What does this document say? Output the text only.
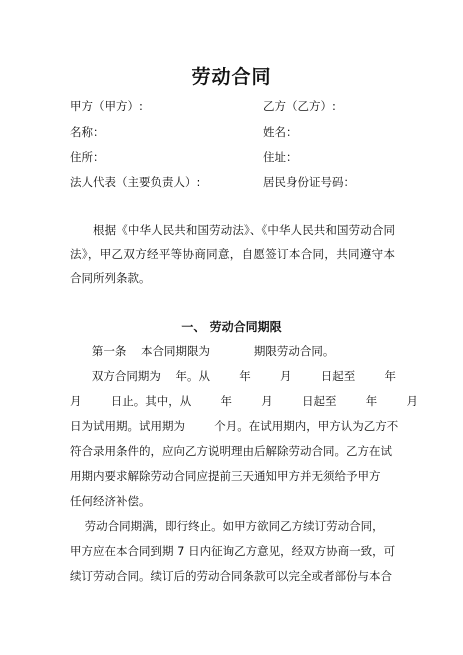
劳动合同
甲方（甲方）:
名称：
住所：
法人代表（主要负责人）:
乙方（乙方）:
姓名：
住址：
居民身份证号码：
根据《中华人民共和国劳动法》、《中华人民共和国劳动合同法》，甲乙双方经平等协商同意，自愿签订本合同，共同遵守本合同所列条款。
一、 劳动合同期限
第一条    本合同期限为            期限劳动合同。
双方合同期为    年。从        年        月        日起至        年
月        日止。其中，从        年        月        日起至        年        月
日为试用期。试用期为        个月。在试用期内，甲方认为乙方不
符合录用条件的，应向乙方说明理由后解除劳动合同。乙方在试
用期内要求解除劳动合同应提前三天通知甲方并无须给予甲方
任何经济补偿。
劳动合同期满，即行终止。如甲方欲同乙方续订劳动合同，
甲方应在本合同到期 7 日内征询乙方意见，经双方协商一致，可
续订劳动合同。续订后的劳动合同条款可以完全或者部份与本合
